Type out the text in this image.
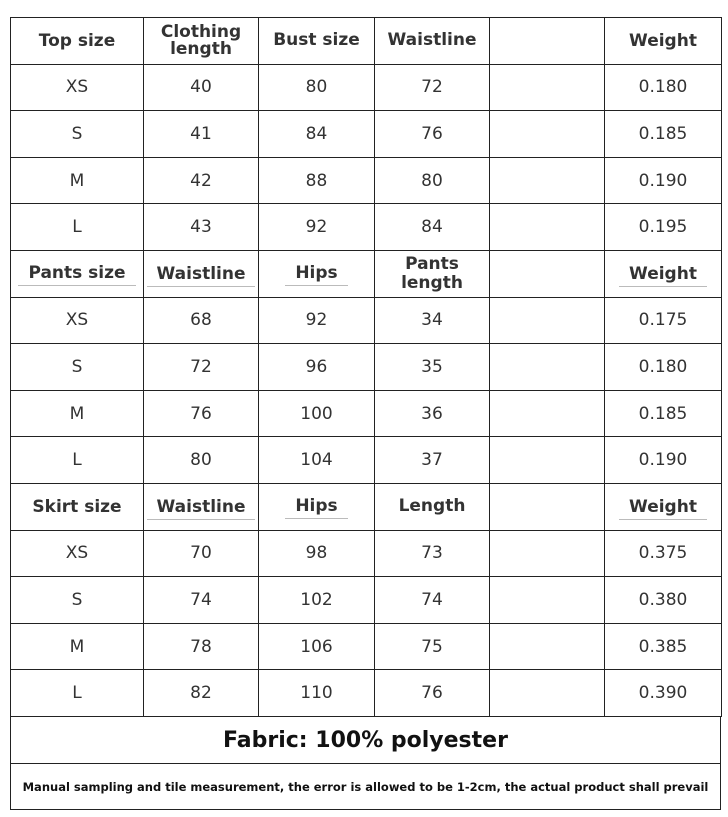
Top size	Clothing length	Bust size	Waistline		Weight
XS	40	80	72		0.180
S	41	84	76		0.185
M	42	88	80		0.190
L	43	92	84		0.195
Pants size	Waistline	Hips	Pants length		Weight
XS	68	92	34		0.175
S	72	96	35		0.180
M	76	100	36		0.185
L	80	104	37		0.190
Skirt size	Waistline	Hips	Length		Weight
XS	70	98	73		0.375
S	74	102	74		0.380
M	78	106	75		0.385
L	82	110	76		0.390
Fabric: 100% polyester
Manual sampling and tile measurement, the error is allowed to be 1-2cm, the actual product shall prevail
